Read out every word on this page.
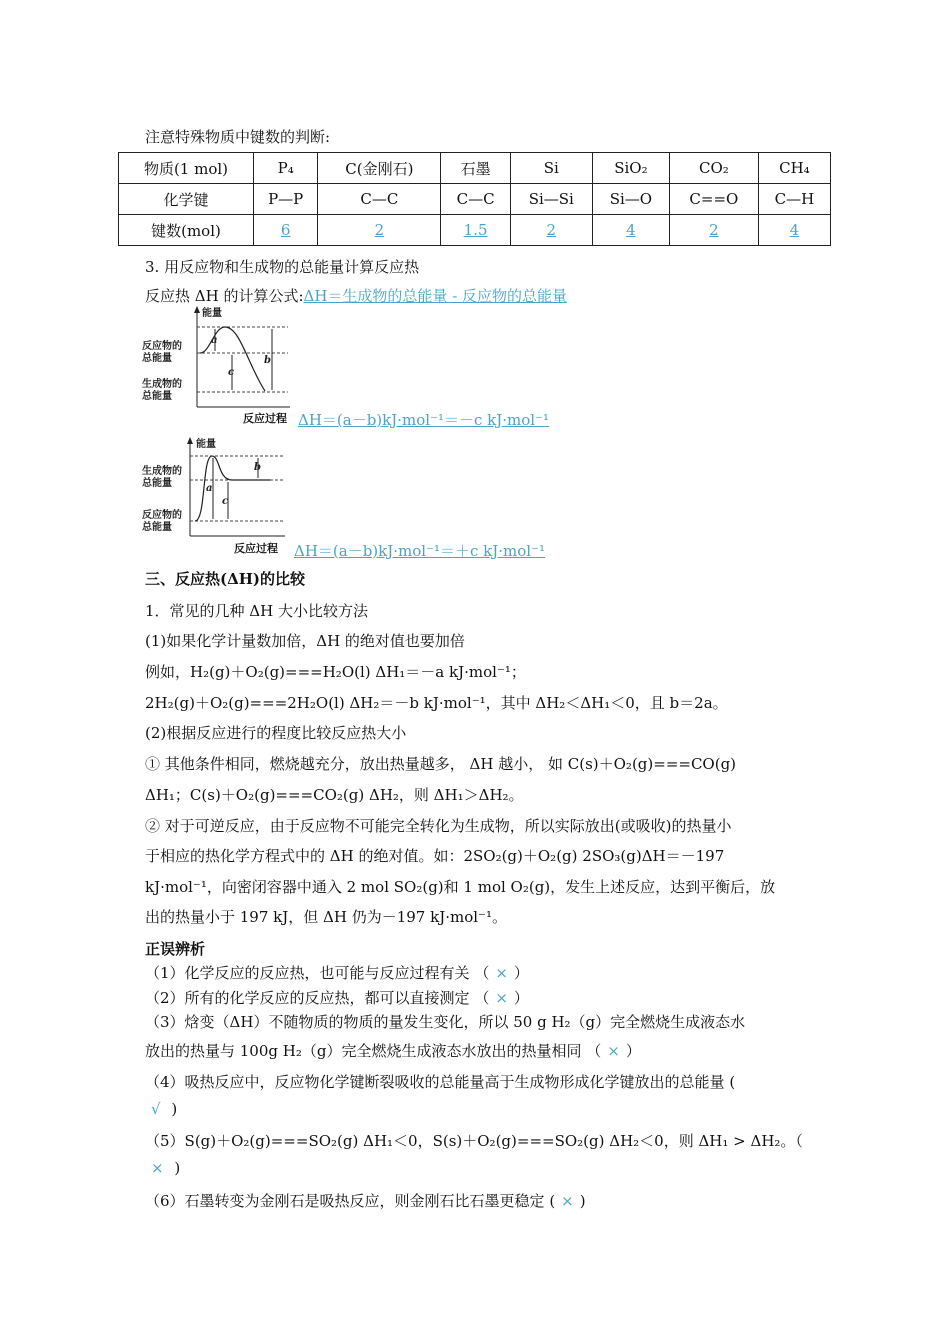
注意特殊物质中键数的判断:
物质(1 mol)	P₄	C(金刚石)	石墨	Si	SiO₂	CO₂	CH₄
化学键	P—P	C—C	C—C	Si—Si	Si—O	C==O	C—H
键数(mol)	6	2	1.5	2	4	2	4
3. 用反应物和生成物的总能量计算反应热
反应热 ΔH 的计算公式:ΔH＝生成物的总能量 - 反应物的总能量
能量
反应物的
总能量
生成物的
总能量
a
c
b
反应过程 ΔH＝(a－b)kJ·mol⁻¹＝－c kJ·mol⁻¹
能量
生成物的
总能量
反应物的
总能量
a
c
b
反应过程 ΔH＝(a－b)kJ·mol⁻¹＝＋c kJ·mol⁻¹
三、反应热(ΔH)的比较
1．常见的几种 ΔH 大小比较方法
(1)如果化学计量数加倍，ΔH 的绝对值也要加倍
例如，H₂(g)＋O₂(g)===H₂O(l) ΔH₁＝－a kJ·mol⁻¹；
2H₂(g)＋O₂(g)===2H₂O(l) ΔH₂＝－b kJ·mol⁻¹，其中 ΔH₂＜ΔH₁＜0，且 b＝2a。
(2)根据反应进行的程度比较反应热大小
① 其他条件相同，燃烧越充分，放出热量越多， ΔH 越小， 如 C(s)＋O₂(g)===CO(g)
ΔH₁；C(s)＋O₂(g)===CO₂(g) ΔH₂，则 ΔH₁＞ΔH₂。
② 对于可逆反应，由于反应物不可能完全转化为生成物，所以实际放出(或吸收)的热量小
于相应的热化学方程式中的 ΔH 的绝对值。如：2SO₂(g)＋O₂(g) 2SO₃(g)ΔH＝－197
kJ·mol⁻¹，向密闭容器中通入 2 mol SO₂(g)和 1 mol O₂(g)，发生上述反应，达到平衡后，放
出的热量小于 197 kJ，但 ΔH 仍为－197 kJ·mol⁻¹。
正误辨析
（1）化学反应的反应热，也可能与反应过程有关 （ × ）
（2）所有的化学反应的反应热，都可以直接测定 （ × ）
（3）焓变（ΔH）不随物质的物质的量发生变化，所以 50 g H₂（g）完全燃烧生成液态水
放出的热量与 100g H₂（g）完全燃烧生成液态水放出的热量相同 （ × ）
（4）吸热反应中，反应物化学键断裂吸收的总能量高于生成物形成化学键放出的总能量 (
√ )
（5）S(g)＋O₂(g)===SO₂(g) ΔH₁＜0，S(s)＋O₂(g)===SO₂(g) ΔH₂＜0，则 ΔH₁ > ΔH₂。（
× )
（6）石墨转变为金刚石是吸热反应，则金刚石比石墨更稳定 ( × )
